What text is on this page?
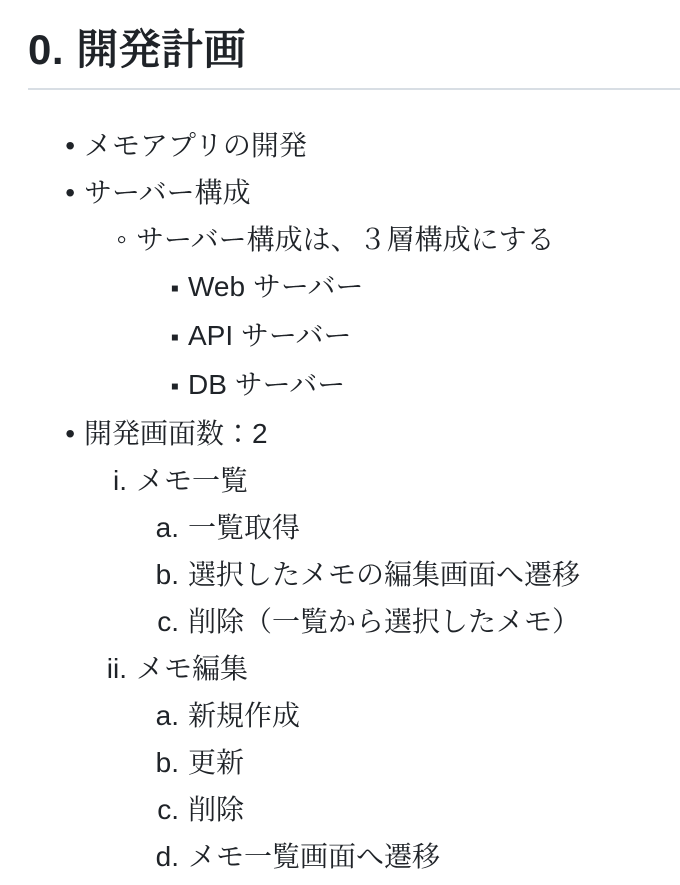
0. 開発計画
• メモアプリの開発
• サーバー構成
◦ サーバー構成は、３層構成にする
▪ Web サーバー
▪ API サーバー
▪ DB サーバー
• 開発画面数：2
i. メモ一覧
a. 一覧取得
b. 選択したメモの編集画面へ遷移
c. 削除（一覧から選択したメモ）
ii. メモ編集
a. 新規作成
b. 更新
c. 削除
d. メモ一覧画面へ遷移
